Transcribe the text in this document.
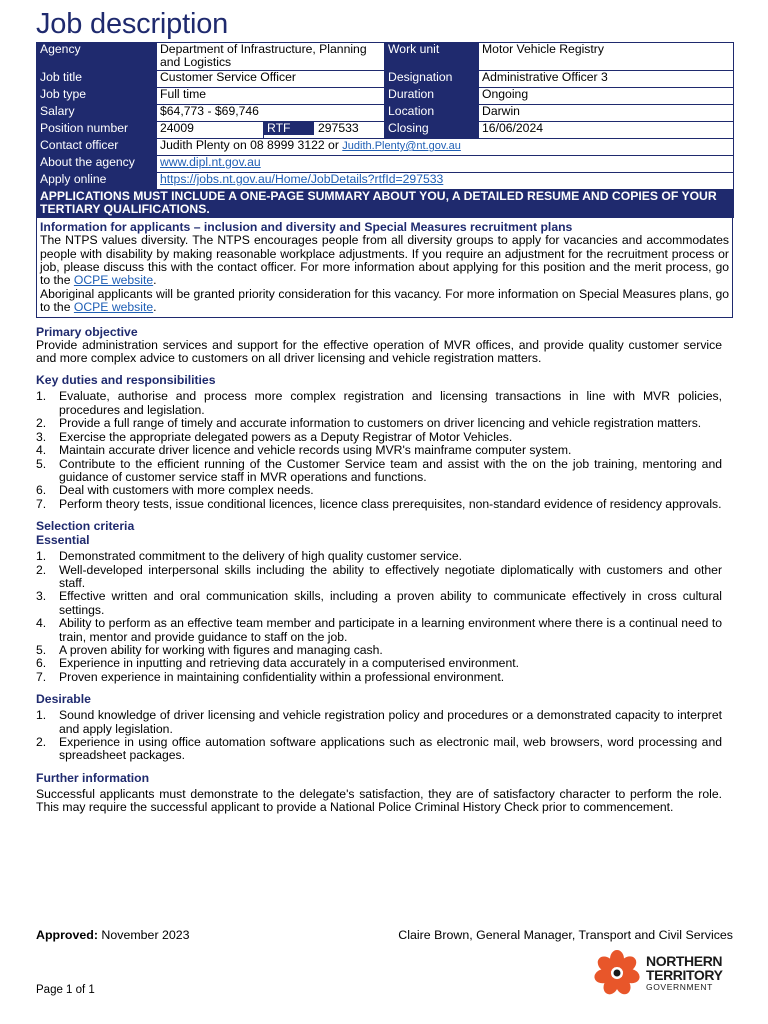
Job description
Agency	Department of Infrastructure, Planning and Logistics		Work unit	Motor Vehicle Registry
Job title	Customer Service Officer		Designation	Administrative Officer 3
Job type	Full time		Duration	Ongoing
Salary	$64,773 - $69,746		Location	Darwin
Position number	24009	RTF 297533	Closing	16/06/2024
Contact officer	Judith Plenty on 08 8999 3122 or Judith.Plenty@nt.gov.au			
About the agency	www.dipl.nt.gov.au			
Apply online	https://jobs.nt.gov.au/Home/JobDetails?rtfId=297533			
APPLICATIONS MUST INCLUDE A ONE-PAGE SUMMARY ABOUT YOU, A DETAILED RESUME AND COPIES OF YOUR TERTIARY QUALIFICATIONS.				
Information for applicants – inclusion and diversity and Special Measures recruitment plans

The NTPS values diversity. The NTPS encourages people from all diversity groups to apply for vacancies and accommodates people with disability by making reasonable workplace adjustments. If you require an adjustment for the recruitment process or job, please discuss this with the contact officer. For more information about applying for this position and the merit process, go to the OCPE website.

Aboriginal applicants will be granted priority consideration for this vacancy. For more information on Special Measures plans, go to the OCPE website.

Primary objective

Provide administration services and support for the effective operation of MVR offices, and provide quality customer service and more complex advice to customers on all driver licensing and vehicle registration matters.

Key duties and responsibilities
Evaluate, authorise and process more complex registration and licensing transactions in line with MVR policies, procedures and legislation.
Provide a full range of timely and accurate information to customers on driver licencing and vehicle registration matters.
Exercise the appropriate delegated powers as a Deputy Registrar of Motor Vehicles.
Maintain accurate driver licence and vehicle records using MVR's mainframe computer system.
Contribute to the efficient running of the Customer Service team and assist with the on the job training, mentoring and guidance of customer service staff in MVR operations and functions.
Deal with customers with more complex needs.
Perform theory tests, issue conditional licences, licence class prerequisites, non-standard evidence of residency approvals.
Selection criteria
Essential
Demonstrated commitment to the delivery of high quality customer service.
Well-developed interpersonal skills including the ability to effectively negotiate diplomatically with customers and other staff.
Effective written and oral communication skills, including a proven ability to communicate effectively in cross cultural settings.
Ability to perform as an effective team member and participate in a learning environment where there is a continual need to train, mentor and provide guidance to staff on the job.
A proven ability for working with figures and managing cash.
Experience in inputting and retrieving data accurately in a computerised environment.
Proven experience in maintaining confidentiality within a professional environment.
Desirable
Sound knowledge of driver licensing and vehicle registration policy and procedures or a demonstrated capacity to interpret and apply legislation.
Experience in using office automation software applications such as electronic mail, web browsers, word processing and spreadsheet packages.
Further information

Successful applicants must demonstrate to the delegate's satisfaction, they are of satisfactory character to perform the role. This may require the successful applicant to provide a National Police Criminal History Check prior to commencement.

Approved: November 2023	Claire Brown, General Manager, Transport and Civil Services
Page 1 of 1
NORTHERN
TERRITORY
GOVERNMENT
